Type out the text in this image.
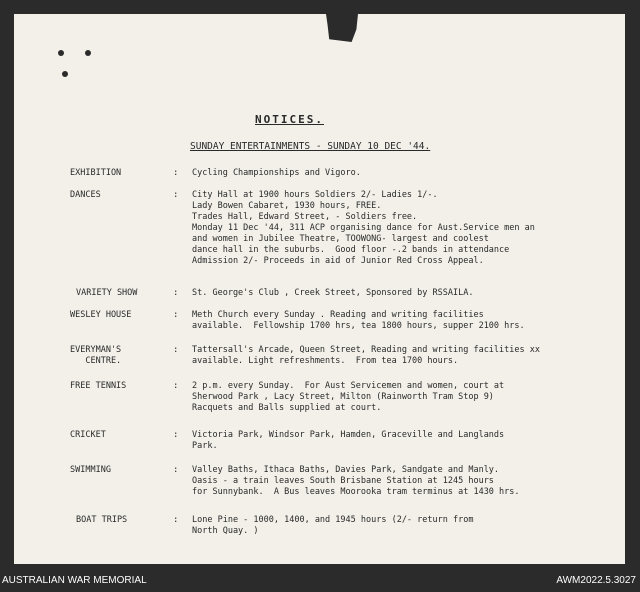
NOTICES.
SUNDAY ENTERTAINMENTS - SUNDAY 10 DEC '44.
EXHIBITION	: Cycling Championships and Vigoro.
DANCES	: City Hall at 1900 hours Soldiers 2/- Ladies 1/-.
Lady Bowen Cabaret, 1930 hours, FREE.
Trades Hall, Edward Street, - Soldiers free.
Monday 11 Dec '44, 311 ACP organising dance for Aust.Service men an
and women in Jubilee Theatre, TOOWONG- largest and coolest
dance hall in the suburbs.  Good floor -.2 bands in attendance
Admission 2/- Proceeds in aid of Junior Red Cross Appeal.
VARIETY SHOW	: St. George's Club , Creek Street, Sponsored by RSSAILA.
WESLEY HOUSE	: Meth Church every Sunday . Reading and writing facilities
available.  Fellowship 1700 hrs, tea 1800 hours, supper 2100 hrs.
EVERYMAN'S
CENTRE.
: Tattersall's Arcade, Queen Street, Reading and writing facilities xx
available. Light refreshments.  From tea 1700 hours.
FREE TENNIS	: 2 p.m. every Sunday.  For Aust Servicemen and women, court at
Sherwood Park , Lacy Street, Milton (Rainworth Tram Stop 9)
Racquets and Balls supplied at court.
CRICKET	: Victoria Park, Windsor Park, Hamden, Graceville and Langlands
Park.
SWIMMING	: Valley Baths, Ithaca Baths, Davies Park, Sandgate and Manly.
Oasis - a train leaves South Brisbane Station at 1245 hours
for Sunnybank.  A Bus leaves Moorooka tram terminus at 1430 hrs.
BOAT TRIPS	: Lone Pine - 1000, 1400, and 1945 hours (2/- return from
North Quay. )
AUSTRALIAN WAR MEMORIAL	AWM2022.5.3027
